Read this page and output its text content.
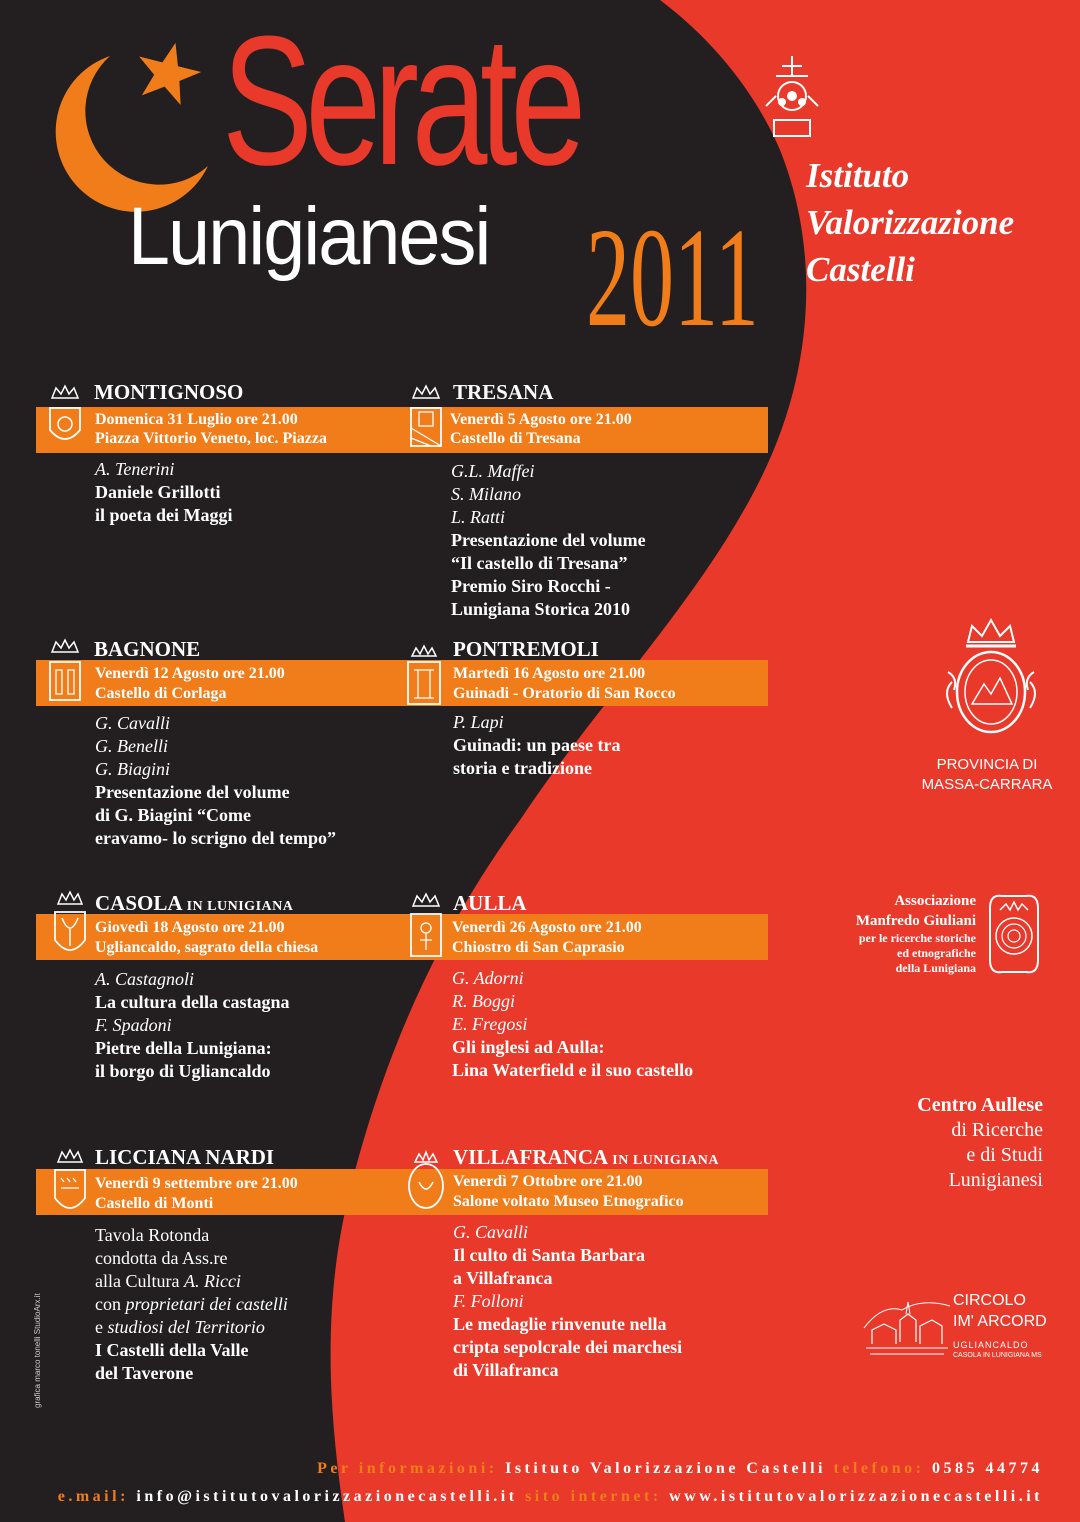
Serate
Lunigianesi 2011
Istituto
Valorizzazione
Castelli
MONTIGNOSO
Domenica 31 Luglio ore 21.00
Piazza Vittorio Veneto, loc. Piazza
A. Tenerini
Daniele Grillotti
il poeta dei Maggi
TRESANA
Venerdì 5 Agosto ore 21.00
Castello di Tresana
G.L. Maffei
S. Milano
L. Ratti
Presentazione del volume
“Il castello di Tresana”
Premio Siro Rocchi -
Lunigiana Storica 2010
BAGNONE
Venerdì 12 Agosto ore 21.00
Castello di Corlaga
G. Cavalli
G. Benelli
G. Biagini
Presentazione del volume
di G. Biagini “Come
eravamo- lo scrigno del tempo”
PONTREMOLI
Martedì 16 Agosto ore 21.00
Guinadi - Oratorio di San Rocco
P. Lapi
Guinadi: un paese tra
storia e tradizione
CASOLA IN LUNIGIANA
Giovedì 18 Agosto ore 21.00
Ugliancaldo, sagrato della chiesa
A. Castagnoli
La cultura della castagna
F. Spadoni
Pietre della Lunigiana:
il borgo di Ugliancaldo
AULLA
Venerdì 26 Agosto ore 21.00
Chiostro di San Caprasio
G. Adorni
R. Boggi
E. Fregosi
Gli inglesi ad Aulla:
Lina Waterfield e il suo castello
LICCIANA NARDI
Venerdì 9 settembre ore 21.00
Castello di Monti
Tavola Rotonda
condotta da Ass.re
alla Cultura A. Ricci
con proprietari dei castelli
e studiosi del Territorio
I Castelli della Valle
del Taverone
VILLAFRANCA IN LUNIGIANA
Venerdì 7 Ottobre ore 21.00
Salone voltato Museo Etnografico
G. Cavalli
Il culto di Santa Barbara
a Villafranca
F. Folloni
Le medaglie rinvenute nella
cripta sepolcrale dei marchesi
di Villafranca
PROVINCIA DI
MASSA-CARRARA
Associazione
Manfredo Giuliani
per le ricerche storiche
ed etnografiche
della Lunigiana
Centro Aullese
di Ricerche
e di Studi
Lunigianesi
CIRCOLO
IM' ARCORD
UGLIANCALDO
CASOLA IN LUNIGIANA MS
Per informazioni: Istituto Valorizzazione Castelli telefono: 0585 44774
e.mail: info@istitutovalorizzazionecastelli.it sito internet: www.istitutovalorizzazionecastelli.it
grafica marco tonelli StudioArx.it
